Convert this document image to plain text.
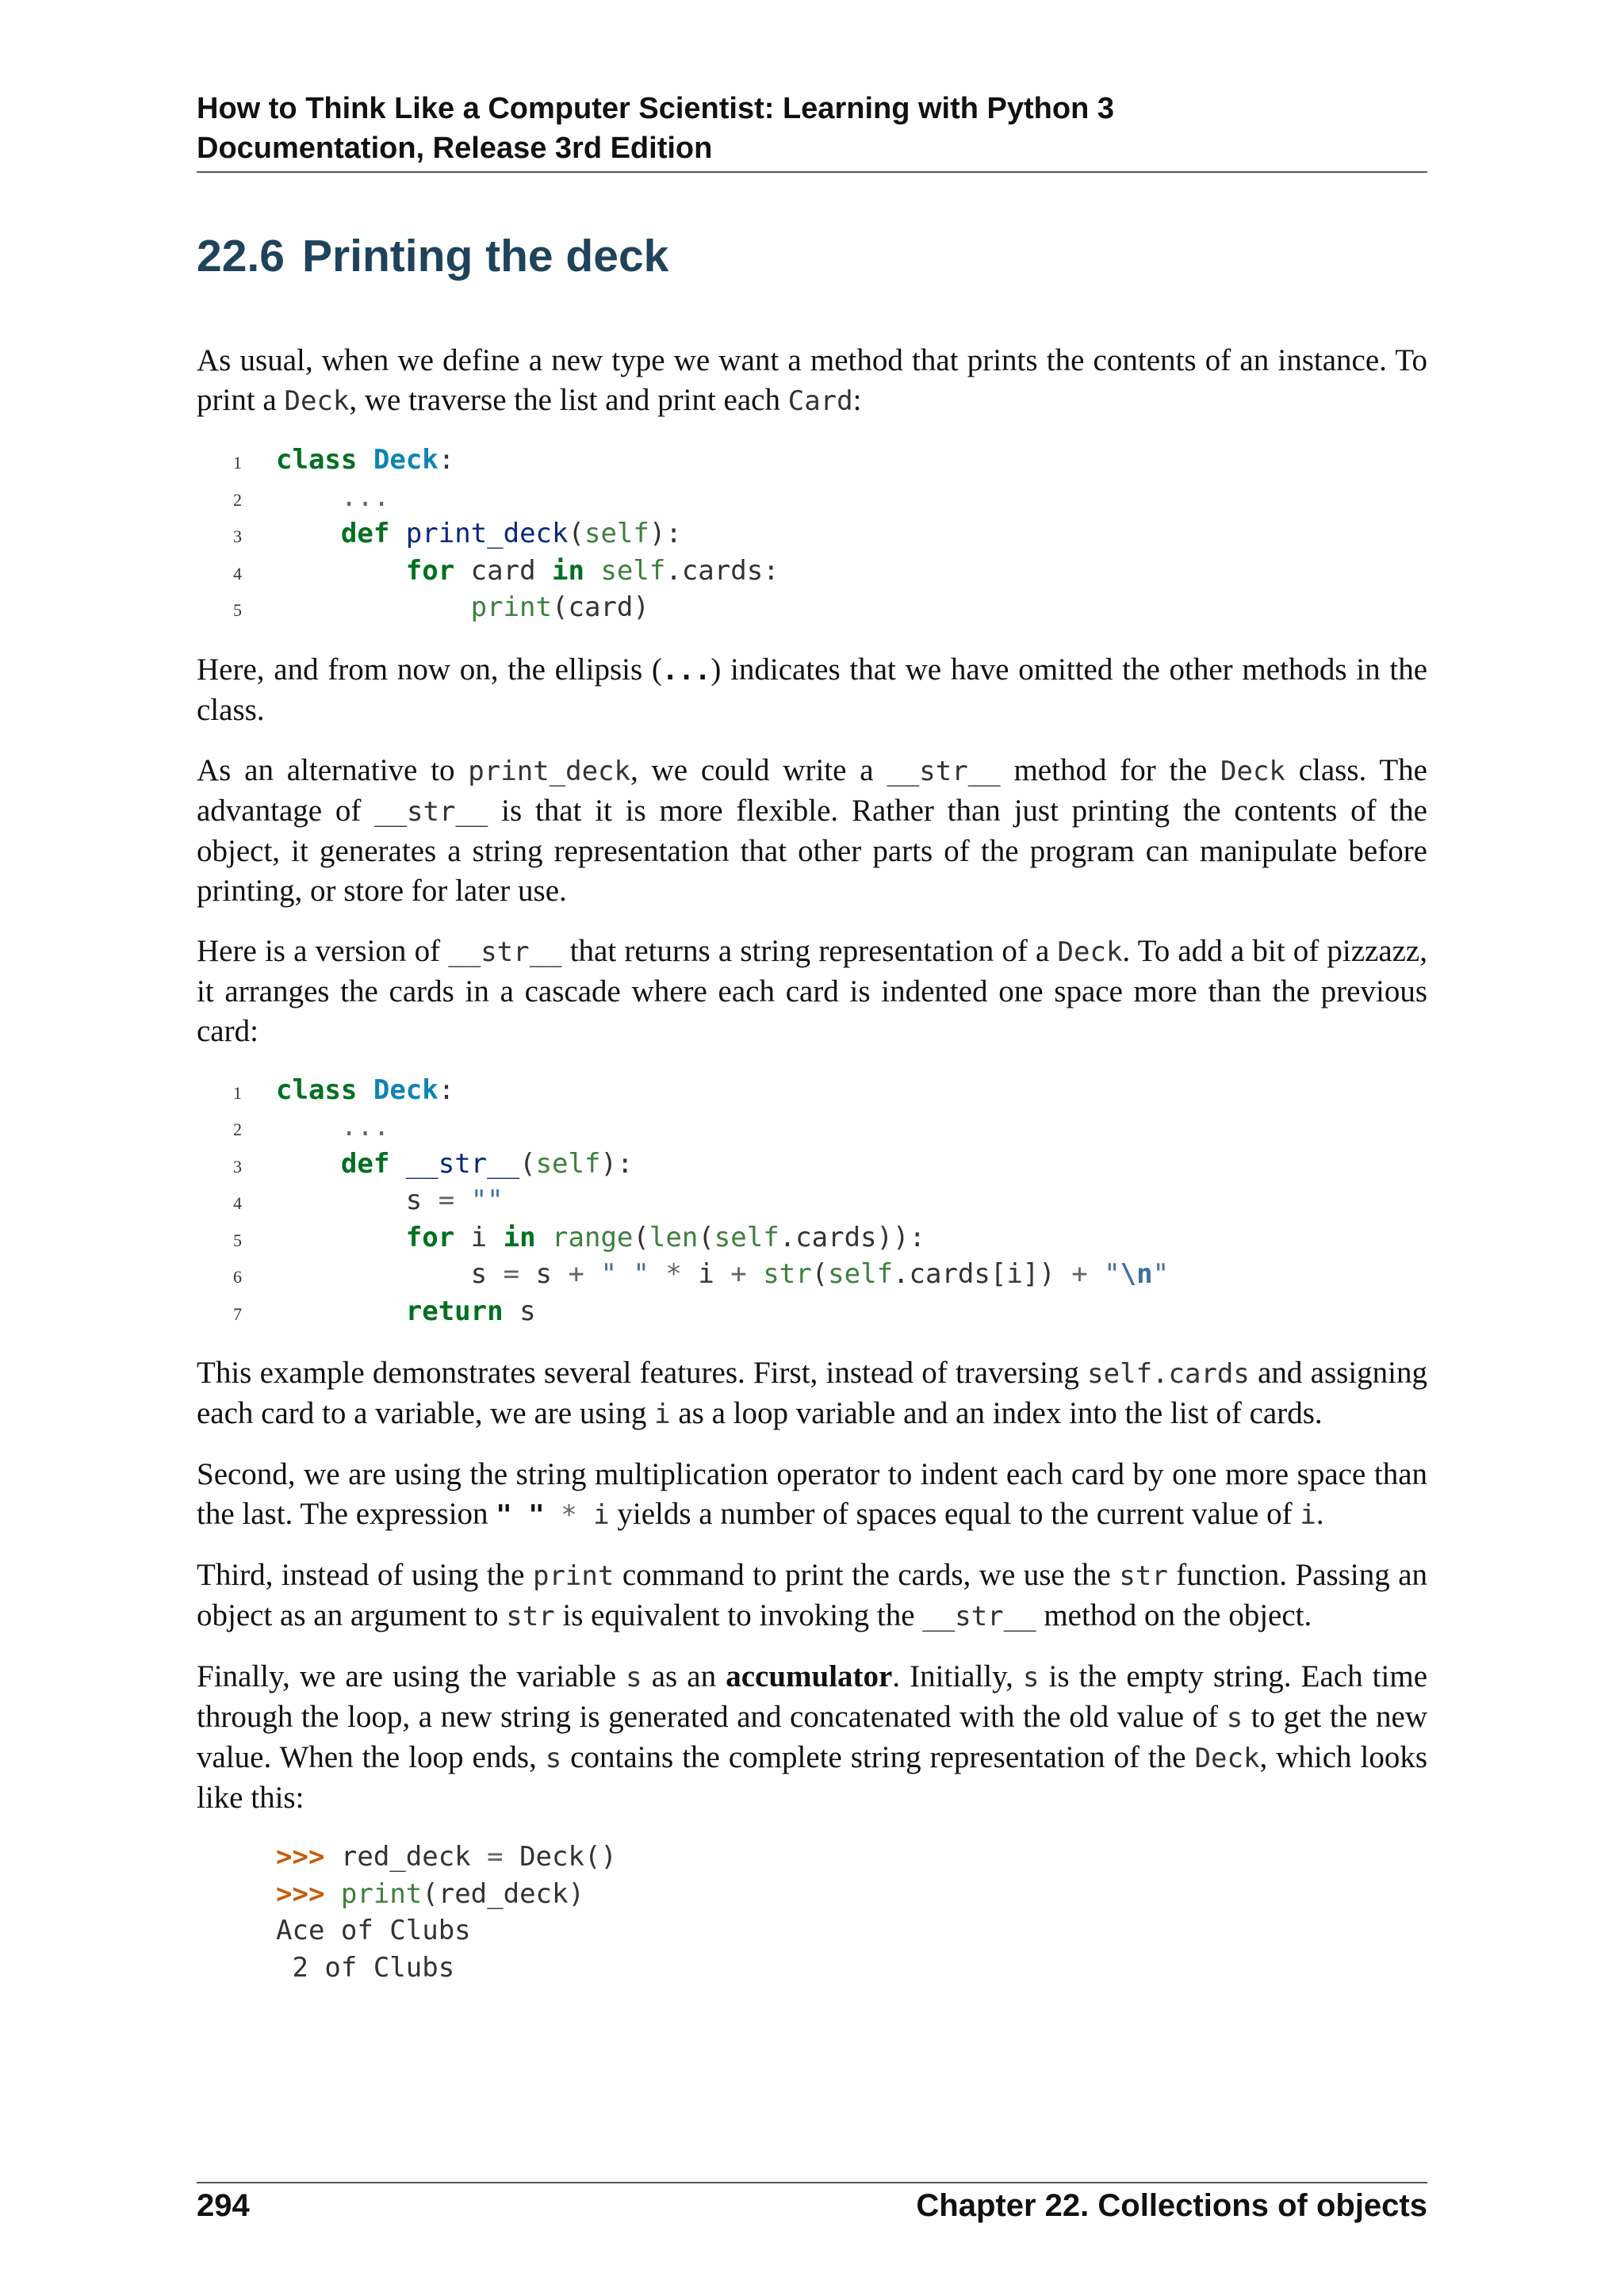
How to Think Like a Computer Scientist: Learning with Python 3
Documentation, Release 3rd Edition
22.6 Printing the deck

As usual, when we define a new type we want a method that prints the contents of an instance. To print a Deck, we traverse the list and print each Card:

1 class Deck:
2 ...
3	def print_deck(self):
4	for card in self.cards:
5	print(card)

Here, and from now on, the ellipsis (...) indicates that we have omitted the other methods in the class.

As an alternative to print_deck, we could write a __str__ method for the Deck class. The advantage of __str__ is that it is more flexible. Rather than just printing the contents of the object, it generates a string representation that other parts of the program can manipulate before printing, or store for later use.

Here is a version of __str__ that returns a string representation of a Deck. To add a bit of pizzazz, it arranges the cards in a cascade where each card is indented one space more than the previous card:

1 class Deck:
2 ...
3	def __str__(self):
4	s = ""
5	for i in range(len(self.cards)):
6	s = s + " " * i + str(self.cards[i]) + "\n"
7	return s

This example demonstrates several features. First, instead of traversing self.cards and assigning each card to a variable, we are using i as a loop variable and an index into the list of cards.

Second, we are using the string multiplication operator to indent each card by one more space than the last. The expression " " * i yields a number of spaces equal to the current value of i.

Third, instead of using the print command to print the cards, we use the str function. Passing an object as an argument to str is equivalent to invoking the __str__ method on the object.

Finally, we are using the variable s as an accumulator. Initially, s is the empty string. Each time through the loop, a new string is generated and concatenated with the old value of s to get the new value. When the loop ends, s contains the complete string representation of the Deck, which looks like this:

>>> red_deck = Deck()
>>> print(red_deck)
Ace of Clubs
2 of Clubs
294	Chapter 22. Collections of objects
